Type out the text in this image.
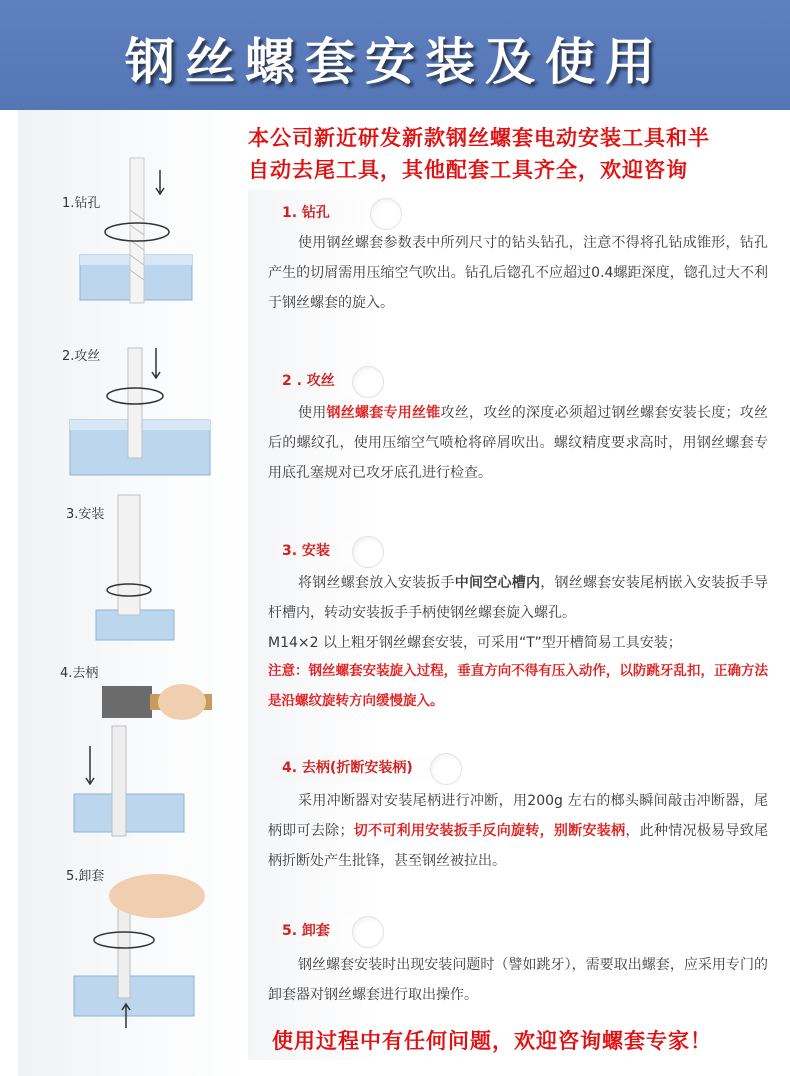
钢丝螺套安装及使用
本公司新近研发新款钢丝螺套电动安装工具和半
自动去尾工具，其他配套工具齐全，欢迎咨询
1.钻孔
2.攻丝
3.安装
4.去柄
5.卸套
1. 钻孔
使用钢丝螺套参数表中所列尺寸的钻头钻孔，注意不得将孔钻成锥形，钻孔产生的切屑需用压缩空气吹出。钻孔后锪孔不应超过0.4螺距深度，锪孔过大不利于钢丝螺套的旋入。
2 . 攻丝
使用钢丝螺套专用丝锥攻丝，攻丝的深度必须超过钢丝螺套安装长度；攻丝后的螺纹孔，使用压缩空气喷枪将碎屑吹出。螺纹精度要求高时，用钢丝螺套专用底孔塞规对已攻牙底孔进行检查。
3. 安装
将钢丝螺套放入安装扳手中间空心槽内，钢丝螺套安装尾柄嵌入安装扳手导杆槽内，转动安装扳手手柄使钢丝螺套旋入螺孔。
M14×2 以上粗牙钢丝螺套安装，可采用“T”型开槽简易工具安装；
注意：钢丝螺套安装旋入过程，垂直方向不得有压入动作，以防跳牙乱扣，正确方法是沿螺纹旋转方向缓慢旋入。
4. 去柄(折断安装柄)
采用冲断器对安装尾柄进行冲断，用200g 左右的榔头瞬间敲击冲断器，尾柄即可去除；切不可利用安装扳手反向旋转，别断安装柄，此种情况极易导致尾柄折断处产生批锋，甚至钢丝被拉出。
5. 卸套
钢丝螺套安装时出现安装问题时（譬如跳牙），需要取出螺套，应采用专门的卸套器对钢丝螺套进行取出操作。
使用过程中有任何问题，欢迎咨询螺套专家！
